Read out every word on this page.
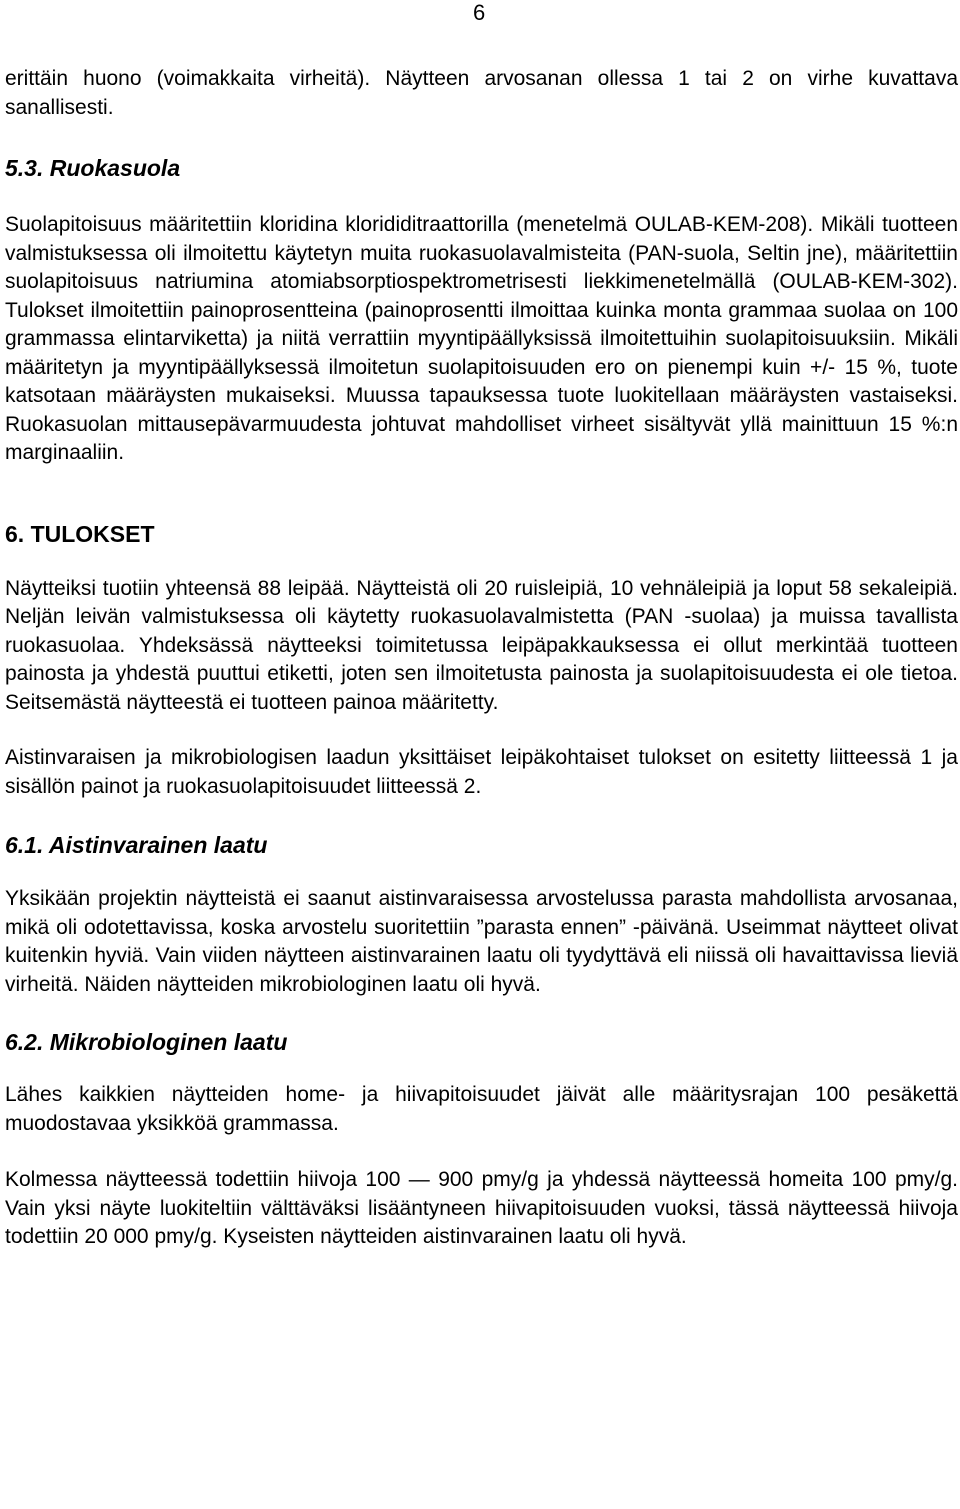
6

erittäin huono (voimakkaita virheitä). Näytteen arvosanan ollessa 1 tai 2 on virhe kuvattava sanallisesti.

5.3. Ruokasuola

Suolapitoisuus määritettiin kloridina klorididitraattorilla (menetelmä OULAB-KEM-208). Mikäli tuotteen valmistuksessa oli ilmoitettu käytetyn muita ruokasuolavalmisteita (PAN-suola, Seltin jne), määritettiin suolapitoisuus natriumina atomiabsorptiospektrometrisesti liekkimenetelmällä (OULAB-KEM-302). Tulokset ilmoitettiin painoprosentteina (painoprosentti ilmoittaa kuinka monta grammaa suolaa on 100 grammassa elintarviketta) ja niitä verrattiin myyntipäällyksissä ilmoitettuihin suolapitoisuuksiin. Mikäli määritetyn ja myyntipäällyksessä ilmoitetun suolapitoisuuden ero on pienempi kuin +/- 15 %, tuote katsotaan määräysten mukaiseksi. Muussa tapauksessa tuote luokitellaan määräysten vastaiseksi. Ruokasuolan mittausepävarmuudesta johtuvat mahdolliset virheet sisältyvät yllä mainittuun 15 %:n marginaaliin.

6. TULOKSET

Näytteiksi tuotiin yhteensä 88 leipää. Näytteistä oli 20 ruisleipiä, 10 vehnäleipiä ja loput 58 sekaleipiä. Neljän leivän valmistuksessa oli käytetty ruokasuolavalmistetta (PAN -suolaa) ja muissa tavallista ruokasuolaa. Yhdeksässä näytteeksi toimitetussa leipäpakkauksessa ei ollut merkintää tuotteen painosta ja yhdestä puuttui etiketti, joten sen ilmoitetusta painosta ja suolapitoisuudesta ei ole tietoa. Seitsemästä näytteestä ei tuotteen painoa määritetty.

Aistinvaraisen ja mikrobiologisen laadun yksittäiset leipäkohtaiset tulokset on esitetty liitteessä 1 ja sisällön painot ja ruokasuolapitoisuudet liitteessä 2.

6.1. Aistinvarainen laatu

Yksikään projektin näytteistä ei saanut aistinvaraisessa arvostelussa parasta mahdollista arvosanaa, mikä oli odotettavissa, koska arvostelu suoritettiin ”parasta ennen” -päivänä. Useimmat näytteet olivat kuitenkin hyviä. Vain viiden näytteen aistinvarainen laatu oli tyydyttävä eli niissä oli havaittavissa lieviä virheitä. Näiden näytteiden mikrobiologinen laatu oli hyvä.

6.2. Mikrobiologinen laatu

Lähes kaikkien näytteiden home- ja hiivapitoisuudet jäivät alle määritysrajan 100 pesäkettä muodostavaa yksikköä grammassa.

Kolmessa näytteessä todettiin hiivoja 100 — 900 pmy/g ja yhdessä näytteessä homeita 100 pmy/g. Vain yksi näyte luokiteltiin välttäväksi lisääntyneen hiivapitoisuuden vuoksi, tässä näytteessä hiivoja todettiin 20 000 pmy/g. Kyseisten näytteiden aistinvarainen laatu oli hyvä.
